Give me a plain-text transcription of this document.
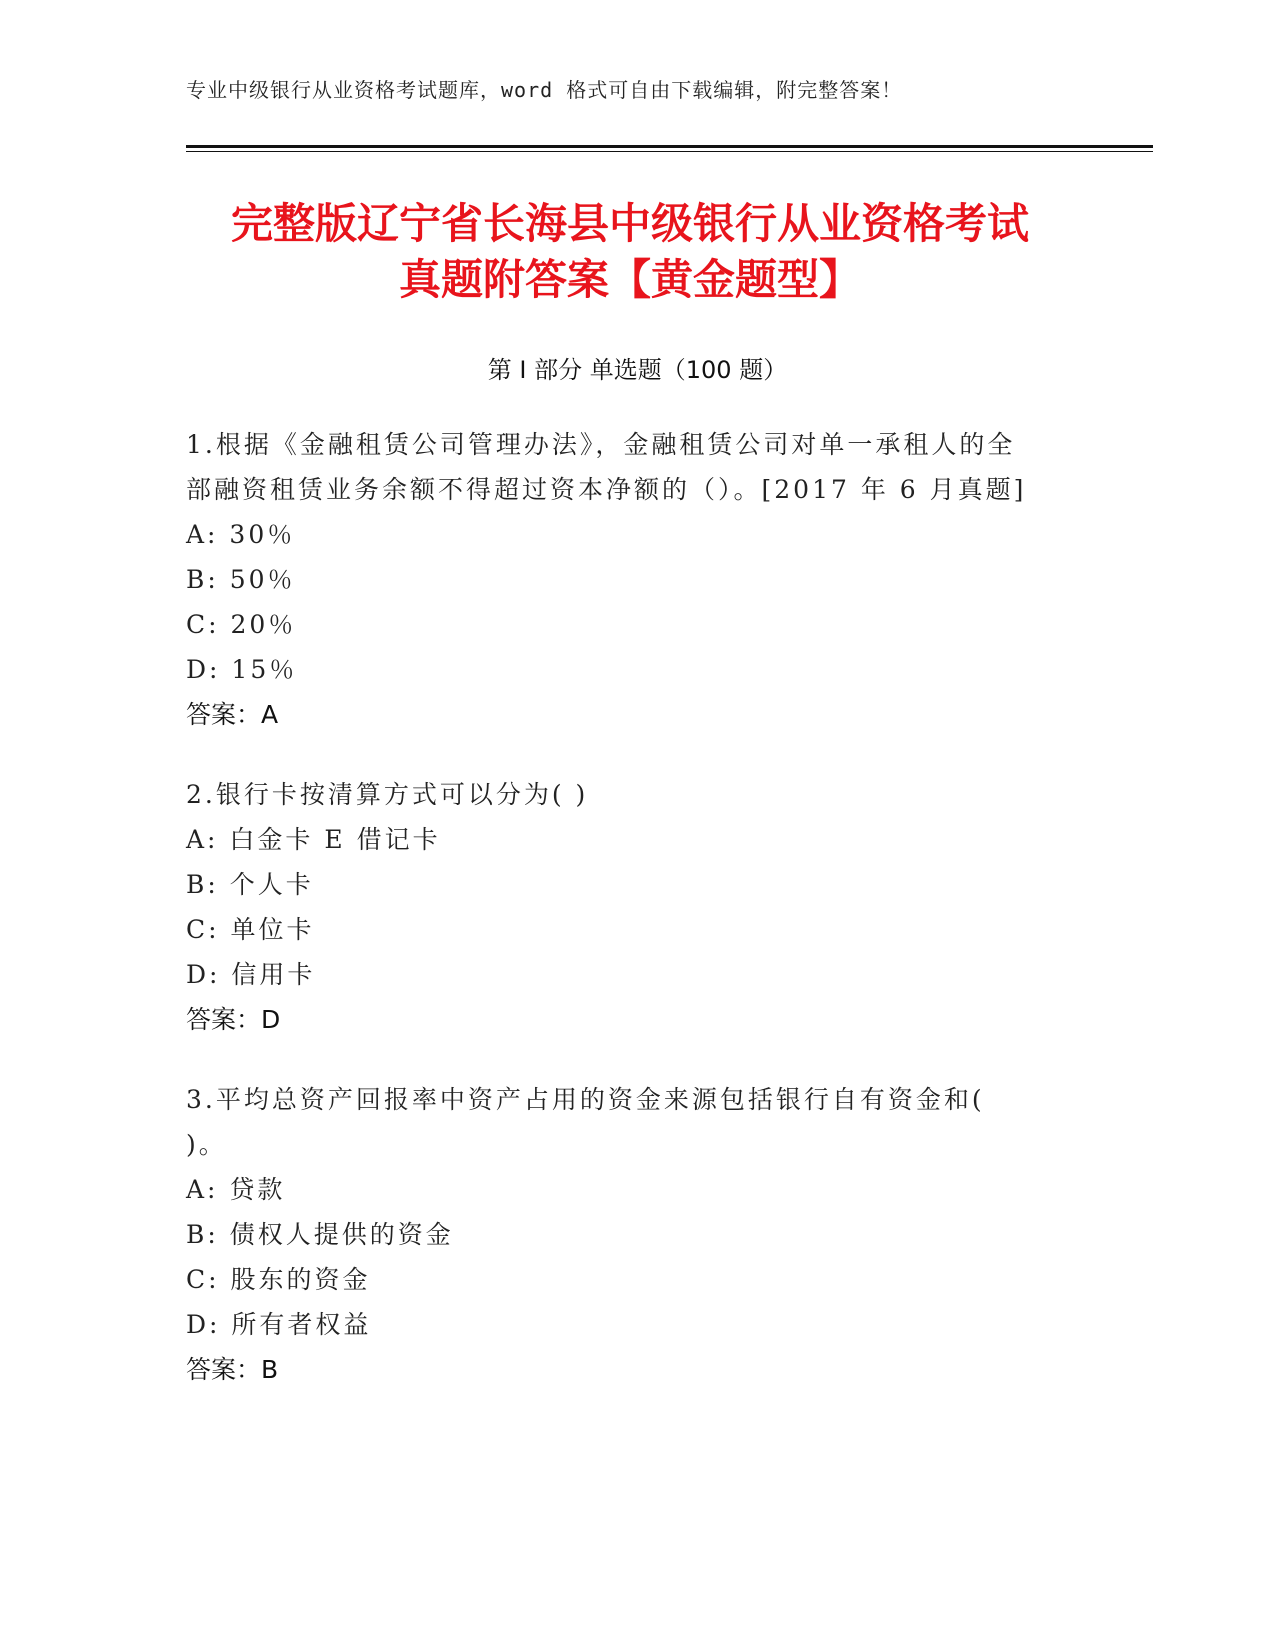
专业中级银行从业资格考试题库，word 格式可自由下载编辑，附完整答案！
完整版辽宁省长海县中级银行从业资格考试
真题附答案【黄金题型】
第 I 部分 单选题（100 题）

1.根据《金融租赁公司管理办法》，金融租赁公司对单一承租人的全

部融资租赁业务余额不得超过资本净额的（）。[2017 年 6 月真题]

A: 30％

B: 50％

C: 20％

D: 15％

答案：A

2.银行卡按清算方式可以分为( )

A: 白金卡 E 借记卡

B: 个人卡

C: 单位卡

D: 信用卡

答案：D

3.平均总资产回报率中资产占用的资金来源包括银行自有资金和(

)。

A: 贷款

B: 债权人提供的资金

C: 股东的资金

D: 所有者权益

答案：B
